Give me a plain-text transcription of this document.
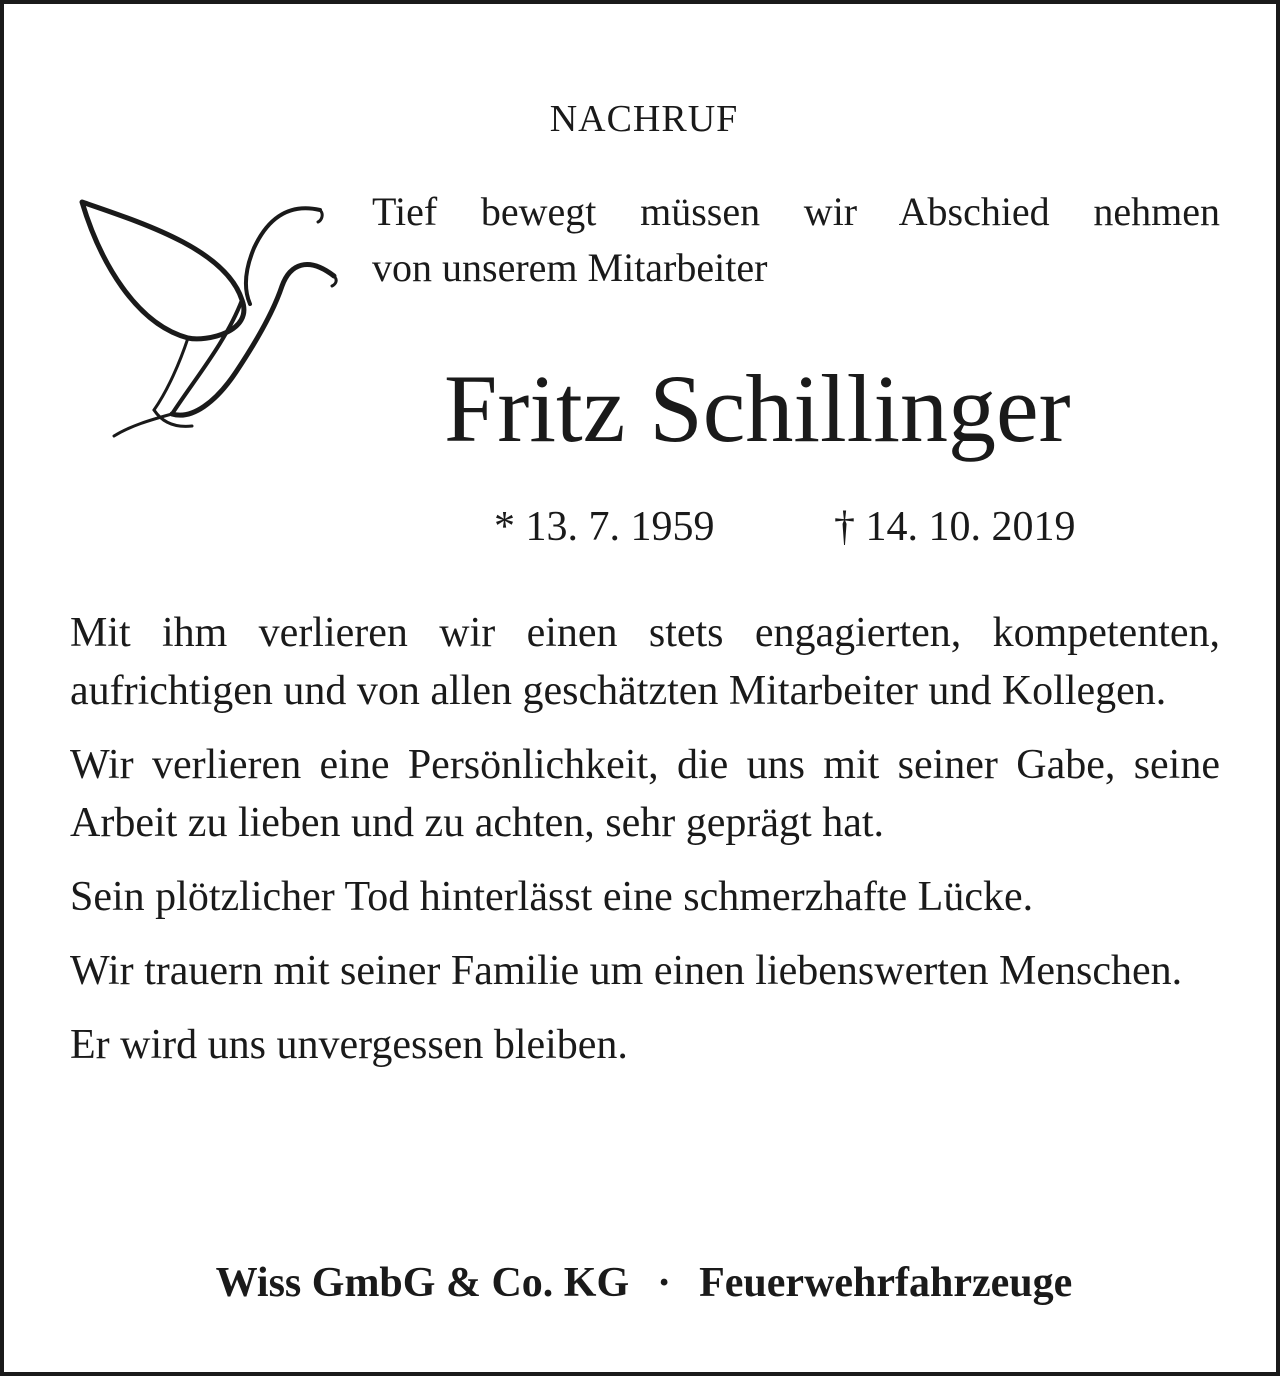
NACHRUF
Tief bewegt müssen wir Abschied nehmen
von unserem Mitarbeiter
Fritz Schillinger
* 13. 7. 1959	† 14. 10. 2019

Mit ihm verlieren wir einen stets engagierten, kompetenten, aufrichtigen und von allen geschätzten Mitarbeiter und Kollegen.

Wir verlieren eine Persönlichkeit, die uns mit seiner Gabe, seine Arbeit zu lieben und zu achten, sehr geprägt hat.

Sein plötzlicher Tod hinterlässt eine schmerzhafte Lücke.

Wir trauern mit seiner Familie um einen liebenswerten Menschen.

Er wird uns unvergessen bleiben.

Wiss GmbG & Co. KG · Feuerwehrfahrzeuge
